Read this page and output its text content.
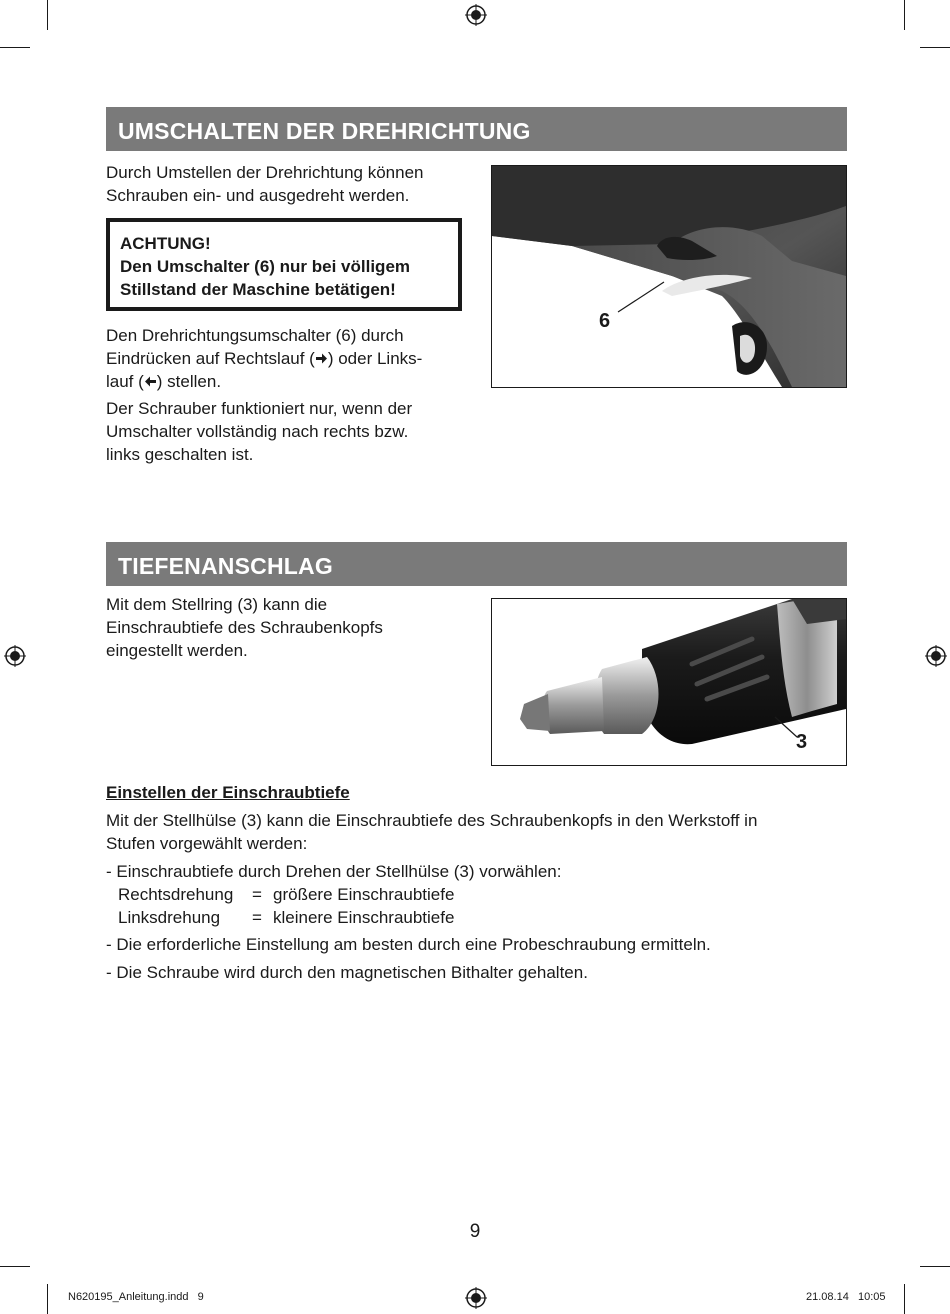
UMSCHALTEN DER DREHRICHTUNG
Durch Umstellen der Drehrichtung können
Schrauben ein- und ausgedreht werden.
ACHTUNG!
Den Umschalter (6) nur bei völligem
Stillstand der Maschine betätigen!
Den Drehrichtungsumschalter (6) durch
Eindrücken auf Rechtslauf ( ) oder Links-
lauf ( ) stellen.
Der Schrauber funktioniert nur, wenn der
Umschalter vollständig nach rechts bzw.
links geschalten ist.
6
TIEFENANSCHLAG
Mit dem Stellring (3) kann die
Einschraubtiefe des Schraubenkopfs
eingestellt werden.
3
Einstellen der Einschraubtiefe
Mit der Stellhülse (3) kann die Einschraubtiefe des Schraubenkopfs in den Werkstoff in
Stufen vorgewählt werden:
- Einschraubtiefe durch Drehen der Stellhülse (3) vorwählen:
Rechtsdrehung = größere Einschraubtiefe
Linksdrehung = kleinere Einschraubtiefe
- Die erforderliche Einstellung am besten durch eine Probeschraubung ermitteln.
- Die Schraube wird durch den magnetischen Bithalter gehalten.
9
N620195_Anleitung.indd   9	21.08.14   10:05
